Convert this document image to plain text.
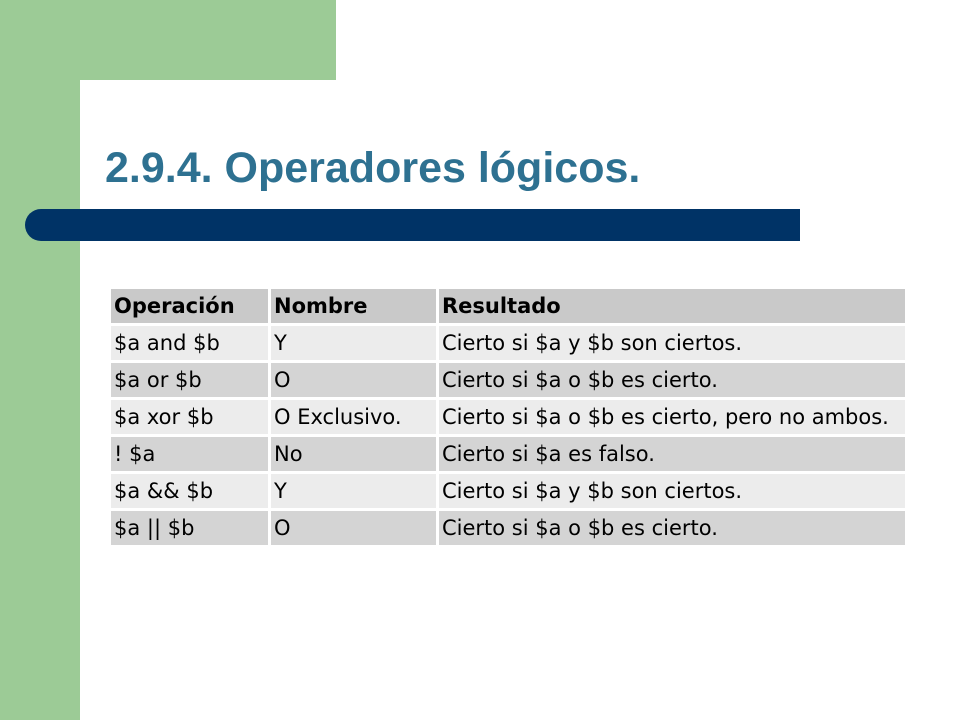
2.9.4. Operadores lógicos.
Operación	Nombre	Resultado
$a and $b	Y	Cierto si $a y $b son ciertos.
$a or $b	O	Cierto si $a o $b es cierto.
$a xor $b	O Exclusivo.	Cierto si $a o $b es cierto, pero no ambos.
! $a	No	Cierto si $a es falso.
$a && $b	Y	Cierto si $a y $b son ciertos.
$a || $b	O	Cierto si $a o $b es cierto.
